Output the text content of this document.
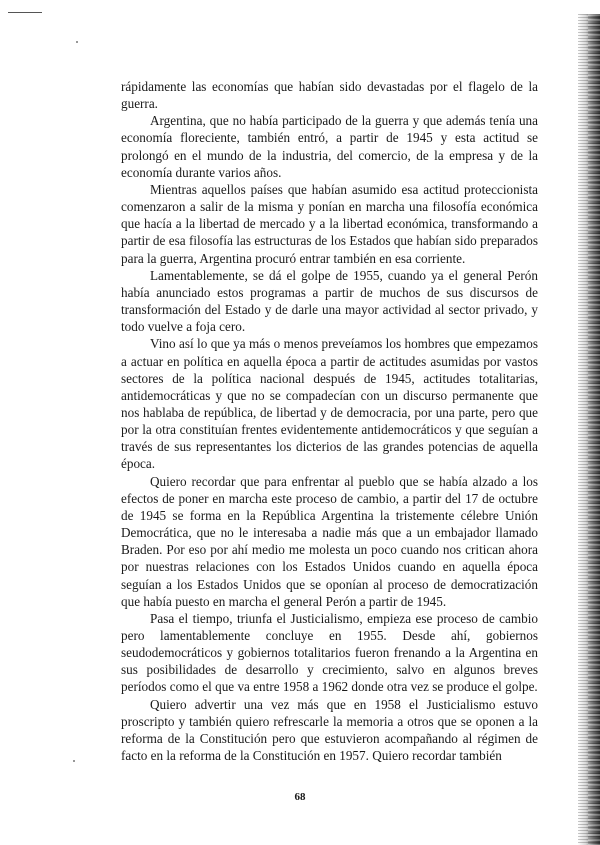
rápidamente las economías que habían sido devastadas por el flagelo de la guerra.

Argentina, que no había participado de la guerra y que además tenía una economía floreciente, también entró, a partir de 1945 y esta actitud se prolongó en el mundo de la industria, del comercio, de la empresa y de la economía durante varios años.

Mientras aquellos países que habían asumido esa actitud proteccionista comenzaron a salir de la misma y ponían en marcha una filosofía económica que hacía a la libertad de mercado y a la libertad económica, transformando a partir de esa filosofía las estructuras de los Estados que habían sido preparados para la guerra, Argentina procuró entrar también en esa corriente.

Lamentablemente, se dá el golpe de 1955, cuando ya el general Perón había anunciado estos programas a partir de muchos de sus discursos de transformación del Estado y de darle una mayor actividad al sector privado, y todo vuelve a foja cero.

Vino así lo que ya más o menos preveíamos los hombres que empezamos a actuar en política en aquella época a partir de actitudes asumidas por vastos sectores de la política nacional después de 1945, actitudes totalitarias, antidemocráticas y que no se compadecían con un discurso permanente que nos hablaba de república, de libertad y de democracia, por una parte, pero que por la otra constituían frentes evidentemente antidemocráticos y que seguían a través de sus representantes los dicterios de las grandes potencias de aquella época.

Quiero recordar que para enfrentar al pueblo que se había alzado a los efectos de poner en marcha este proceso de cambio, a partir del 17 de octubre de 1945 se forma en la República Argentina la tristemente célebre Unión Democrática, que no le interesaba a nadie más que a un embajador llamado Braden. Por eso por ahí medio me molesta un poco cuando nos critican ahora por nuestras relaciones con los Estados Unidos cuando en aquella época seguían a los Estados Unidos que se oponían al proceso de democratización que había puesto en marcha el general Perón a partir de 1945.

Pasa el tiempo, triunfa el Justicialismo, empieza ese proceso de cambio pero lamentablemente concluye en 1955. Desde ahí, gobiernos seudodemocráticos y gobiernos totalitarios fueron frenando a la Argentina en sus posibilidades de desarrollo y crecimiento, salvo en algunos breves períodos como el que va entre 1958 a 1962 donde otra vez se produce el golpe.

Quiero advertir una vez más que en 1958 el Justicialismo estuvo proscripto y también quiero refrescarle la memoria a otros que se oponen a la reforma de la Constitución pero que estuvieron acompañando al régimen de facto en la reforma de la Constitución en 1957. Quiero recordar también

68
